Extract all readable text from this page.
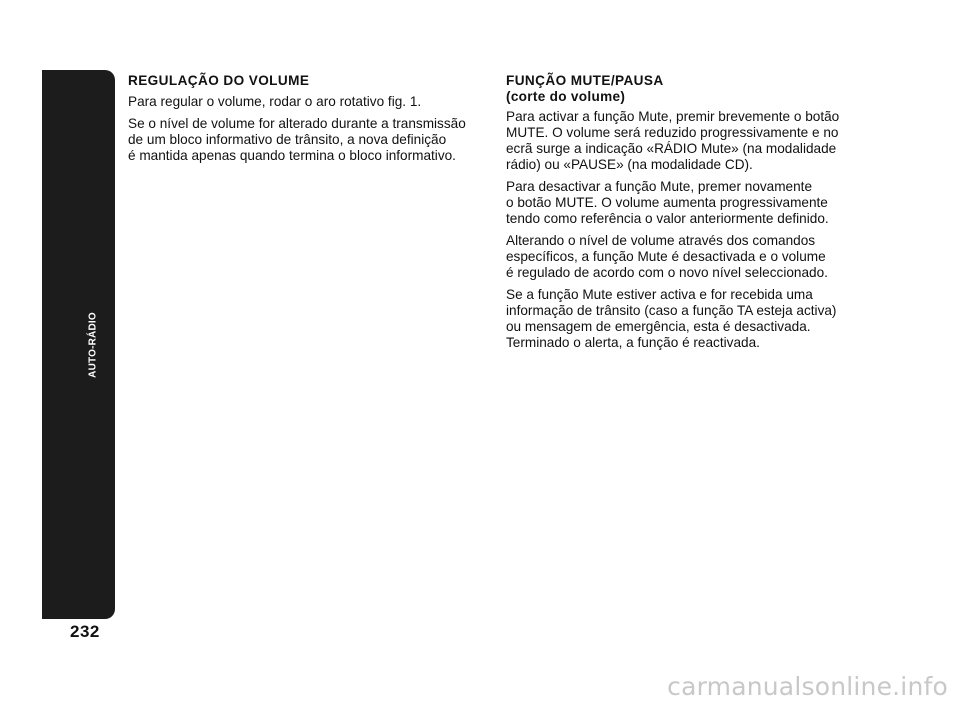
AUTO-RÁDIO
232
REGULAÇÃO DO VOLUME

Para regular o volume, rodar o aro rotativo fig. 1.

Se o nível de volume for alterado durante a transmissão
de um bloco informativo de trânsito, a nova definição
é mantida apenas quando termina o bloco informativo.

FUNÇÃO MUTE/PAUSA
(corte do volume)

Para activar a função Mute, premir brevemente o botão
MUTE. O volume será reduzido progressivamente e no
ecrã surge a indicação «RÁDIO Mute» (na modalidade
rádio) ou «PAUSE» (na modalidade CD).

Para desactivar a função Mute, premer novamente
o botão MUTE. O volume aumenta progressivamente
tendo como referência o valor anteriormente definido.

Alterando o nível de volume através dos comandos
específicos, a função Mute é desactivada e o volume
é regulado de acordo com o novo nível seleccionado.

Se a função Mute estiver activa e for recebida uma
informação de trânsito (caso a função TA esteja activa)
ou mensagem de emergência, esta é desactivada.
Terminado o alerta, a função é reactivada.

carmanualsonline.info
